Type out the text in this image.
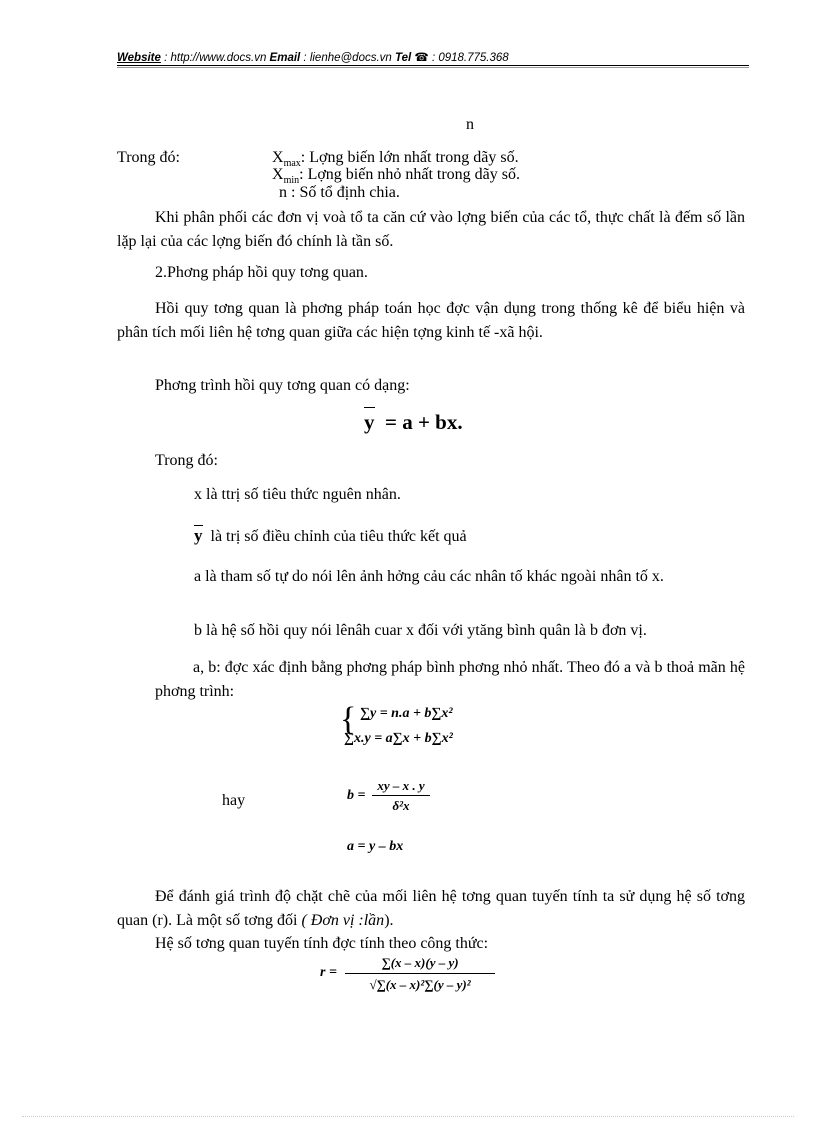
Website : http://www.docs.vn Email : lienhe@docs.vn Tel ☎ : 0918.775.368
n
Trong đó:	$X_{max}$: Lợng biến lớn nhất trong dãy số.
$X_{min}$: Lợng biến nhỏ nhất trong dãy số.
n : Số tổ định chia.
Khi phân phối các đơn vị voà tổ ta căn cứ vào lợng biến của các tổ, thực chất là đếm số lần lặp lại của các lợng biến đó chính là tần số.
2.Phơng pháp hồi quy tơng quan.
Hồi quy tơng quan là phơng pháp toán học đợc vận dụng trong thống kê để biểu hiện và phân tích mối liên hệ tơng quan giữa các hiện tợng kinh tế -xã hội.
Phơng trình hồi quy tơng quan có dạng:
y = a + bx.
Trong đó:
x là ttrị số tiêu thức nguên nhân.
y là trị số điều chỉnh của tiêu thức kết quả
a là tham số tự do nói lên ảnh hởng cảu các nhân tố khác ngoài nhân tố x.
b là hệ số hồi quy nói lênâh cuar x đối với ytăng bình quân là b đơn vị.
a, b: đợc xác định bằng phơng pháp bình phơng nhỏ nhất. Theo đó a và b thoả mãn hệ phơng trình:
{ ∑y = n.a + b∑x²
∑x.y = a∑x + b∑x²
hay	$b = \frac{xy - x . y}{\text{δ²x}}$
a = y – bx
Để đánh giá trình độ chặt chẽ của mối liên hệ tơng quan tuyến tính ta sử dụng hệ số tơng quan (r). Là một số tơng đối ( Đơn vị :lần).
Hệ số tơng quan tuyến tính đợc tính theo công thức:
$r = \frac{\sum(x - x)(y - y)}{\text{√∑(x – x)²∑(y – y)²}}$
